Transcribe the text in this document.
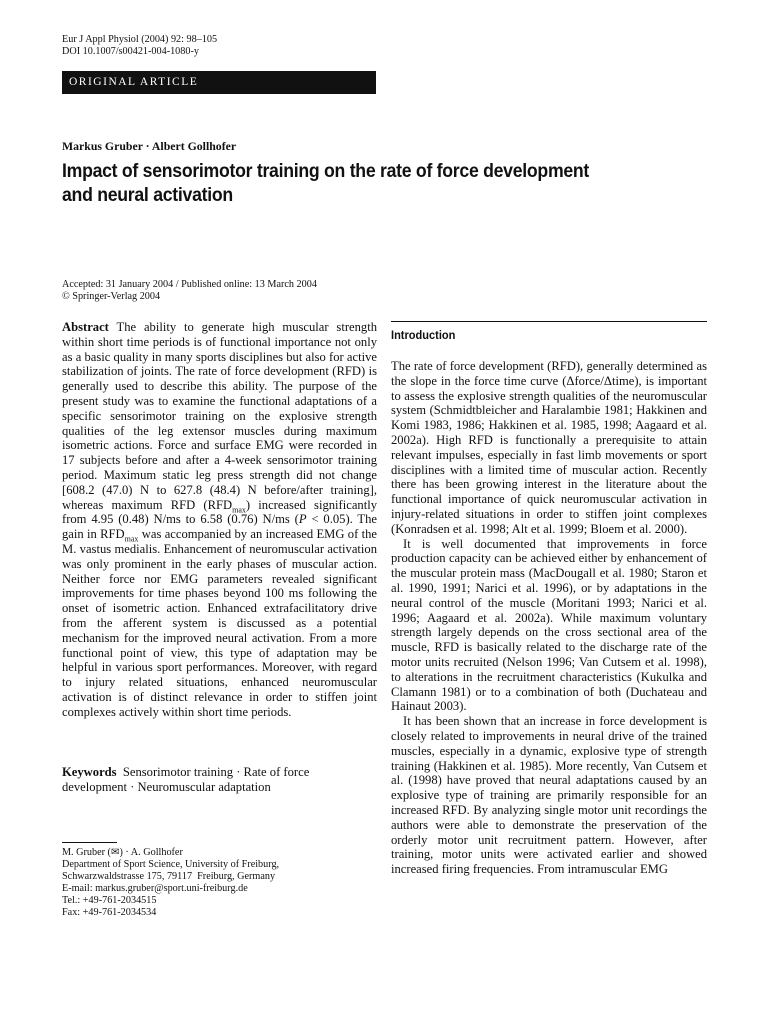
Eur J Appl Physiol (2004) 92: 98–105
DOI 10.1007/s00421-004-1080-y
ORIGINAL ARTICLE
Markus Gruber · Albert Gollhofer
Impact of sensorimotor training on the rate of force development
and neural activation
Accepted: 31 January 2004 / Published online: 13 March 2004
© Springer-Verlag 2004

Abstract The ability to generate high muscular strength within short time periods is of functional importance not only as a basic quality in many sports disciplines but also for active stabilization of joints. The rate of force development (RFD) is generally used to describe this ability. The purpose of the present study was to examine the functional adaptations of a specific sensorimotor training on the explosive strength qualities of the leg extensor muscles during maximum isometric actions. Force and surface EMG were recorded in 17 subjects before and after a 4-week sensorimotor training period. Maximum static leg press strength did not change [608.2 (47.0) N to 627.8 (48.4) N before/after training], whereas maximum RFD $(RFD_{max})$ increased significantly from 4.95 (0.48) N/ms to 6.58 (0.76) N/ms (P < 0.05). The gain in $RFD_{max}$ was accompanied by an increased EMG of the M. vastus medialis. Enhancement of neuromuscular activation was only prominent in the early phases of muscular action. Neither force nor EMG parameters revealed significant improvements for time phases beyond 100 ms following the onset of isometric action. Enhanced extrafacilitatory drive from the afferent system is discussed as a potential mechanism for the improved neural activation. From a more functional point of view, this type of adaptation may be helpful in various sport performances. Moreover, with regard to injury related situations, enhanced neuromuscular activation is of distinct relevance in order to stiffen joint complexes actively within short time periods.

Keywords  Sensorimotor training · Rate of force development · Neuromuscular adaptation
M. Gruber (✉) · A. Gollhofer
Department of Sport Science, University of Freiburg,
Schwarzwaldstrasse 175, 79117  Freiburg, Germany
E-mail: markus.gruber@sport.uni-freiburg.de
Tel.: +49-761-2034515
Fax: +49-761-2034534
Introduction

The rate of force development (RFD), generally determined as the slope in the force time curve (Δforce/Δtime), is important to assess the explosive strength qualities of the neuromuscular system (Schmidtbleicher and Haralambie 1981; Hakkinen and Komi 1983, 1986; Hakkinen et al. 1985, 1998; Aagaard et al. 2002a). High RFD is functionally a prerequisite to attain relevant impulses, especially in fast limb movements or sport disciplines with a limited time of muscular action. Recently there has been growing interest in the literature about the functional importance of quick neuromuscular activation in injury-related situations in order to stiffen joint complexes (Konradsen et al. 1998; Alt et al. 1999; Bloem et al. 2000).

It is well documented that improvements in force production capacity can be achieved either by enhancement of the muscular protein mass (MacDougall et al. 1980; Staron et al. 1990, 1991; Narici et al. 1996), or by adaptations in the neural control of the muscle (Moritani 1993; Narici et al. 1996; Aagaard et al. 2002a). While maximum voluntary strength largely depends on the cross sectional area of the muscle, RFD is basically related to the discharge rate of the motor units recruited (Nelson 1996; Van Cutsem et al. 1998), to alterations in the recruitment characteristics (Kukulka and Clamann 1981) or to a combination of both (Duchateau and Hainaut 2003).

It has been shown that an increase in force development is closely related to improvements in neural drive of the trained muscles, especially in a dynamic, explosive type of strength training (Hakkinen et al. 1985). More recently, Van Cutsem et al. (1998) have proved that neural adaptations caused by an explosive type of training are primarily responsible for an increased RFD. By analyzing single motor unit recordings the authors were able to demonstrate the preservation of the orderly motor unit recruitment pattern. However, after training, motor units were activated earlier and showed increased firing frequencies. From intramuscular EMG
